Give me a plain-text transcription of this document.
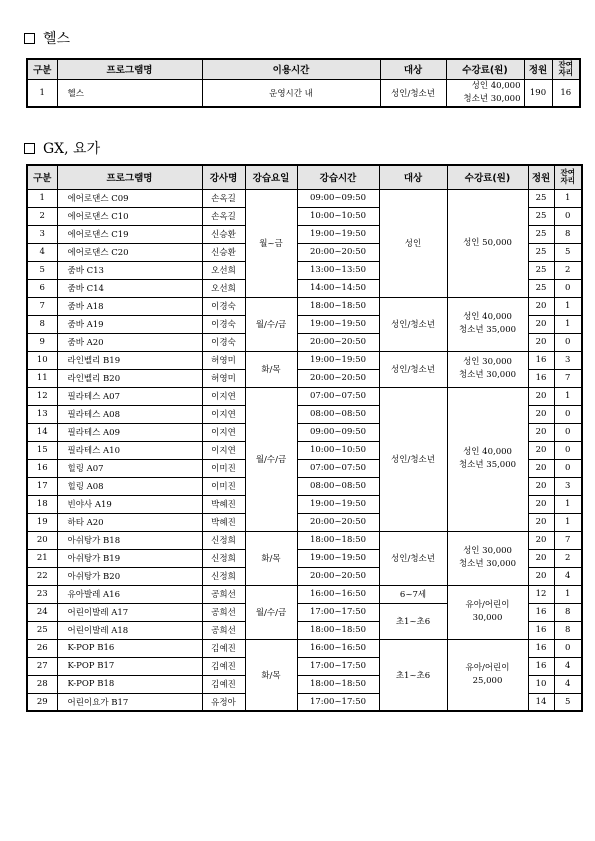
헬스
구분	프로그램명	이용시간	대상	수강료(원)	정원	잔여
자리
1	헬스	운영시간 내	성인/청소년	성인 40,000
청소년 30,000	190	16
GX, 요가
구분	프로그램명	강사명	강습요일	강습시간	대상	수강료(원)	정원	잔여
자리
1	에어로댄스 C09	손옥길	월~금	09:00~09:50	성인	성인 50,000	25	1
2	에어로댄스 C10	손옥길		10:00~10:50			25	0
3	에어로댄스 C19	신승환		19:00~19:50			25	8
4	에어로댄스 C20	신승환		20:00~20:50			25	5
5	줌바 C13	오선희		13:00~13:50			25	2
6	줌바 C14	오선희		14:00~14:50			25	0
7	줌바 A18	이경숙	월/수/금	18:00~18:50	성인/청소년	성인 40,000
청소년 35,000	20	1
8	줌바 A19	이경숙		19:00~19:50			20	1
9	줌바 A20	이경숙		20:00~20:50			20	0
10	라인벨리 B19	허영미	화/목	19:00~19:50	성인/청소년	성인 30,000
청소년 30,000	16	3
11	라인벨리 B20	허영미		20:00~20:50			16	7
12	필라테스 A07	이지연	월/수/금	07:00~07:50	성인/청소년	성인 40,000
청소년 35,000	20	1
13	필라테스 A08	이지연		08:00~08:50			20	0
14	필라테스 A09	이지연		09:00~09:50			20	0
15	필라테스 A10	이지연		10:00~10:50			20	0
16	힐링 A07	이미진		07:00~07:50			20	0
17	힐링 A08	이미진		08:00~08:50			20	3
18	빈야사 A19	박혜진		19:00~19:50			20	1
19	하타 A20	박혜진		20:00~20:50			20	1
20	아쉬탕가 B18	신정희	화/목	18:00~18:50	성인/청소년	성인 30,000
청소년 30,000	20	7
21	아쉬탕가 B19	신정희		19:00~19:50			20	2
22	아쉬탕가 B20	신정희		20:00~20:50			20	4
23	유아발레 A16	공희선	월/수/금	16:00~16:50	6~7세	유아/어린이
30,000	12	1
24	어린이발레 A17	공희선		17:00~17:50	초1~초6		16	8
25	어린이발레 A18	공희선		18:00~18:50			16	8
26	K-POP B16	김예진	화/목	16:00~16:50	초1~초6	유아/어린이
25,000	16	0
27	K-POP B17	김예진		17:00~17:50			16	4
28	K-POP B18	김예진		18:00~18:50			10	4
29	어린이요가 B17	유정아		17:00~17:50			14	5
